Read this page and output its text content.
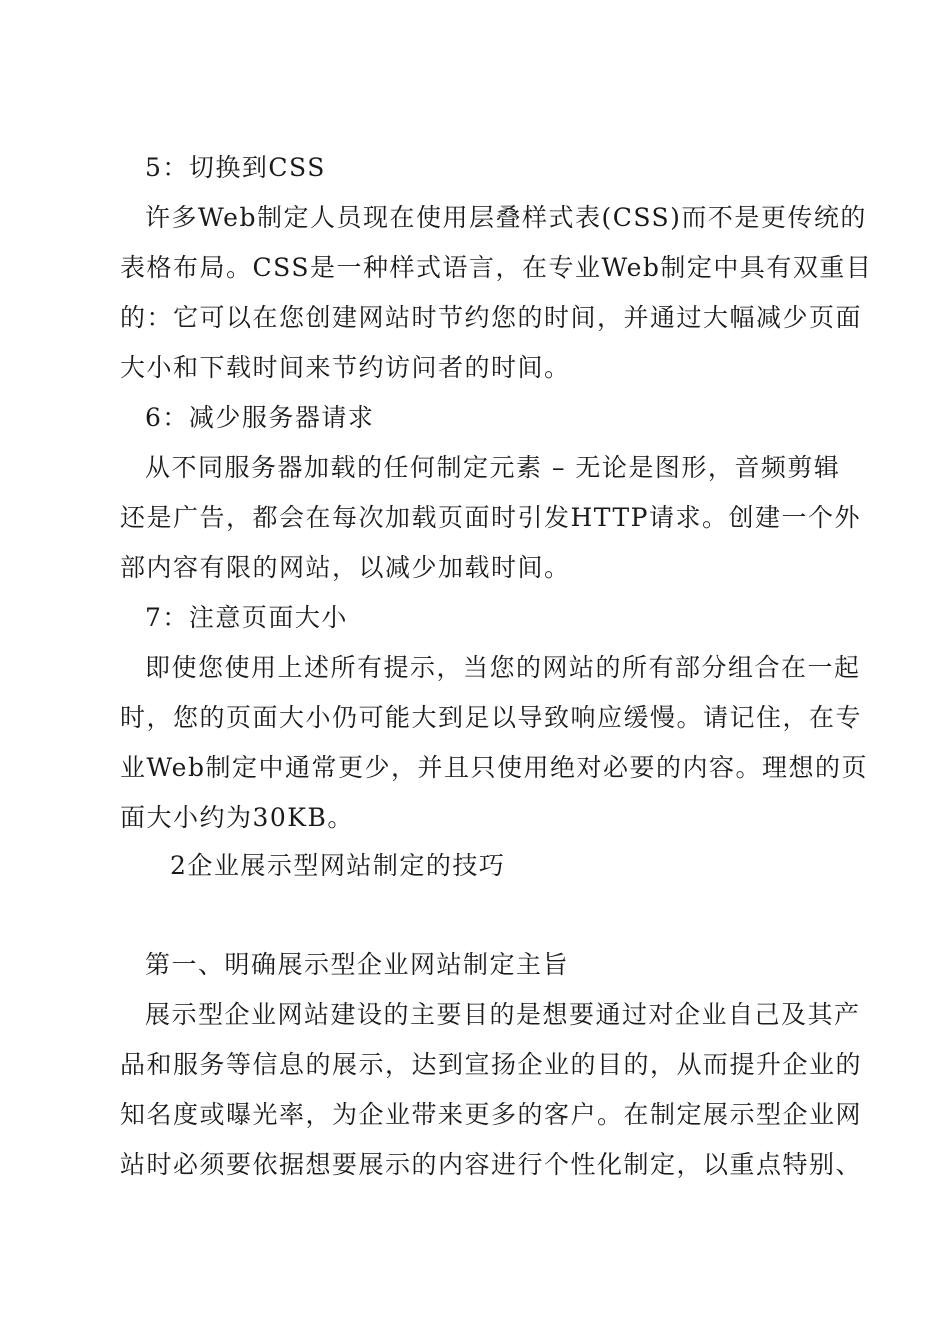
5：切换到CSS
许多Web制定人员现在使用层叠样式表(CSS)而不是更传统的
表格布局。CSS是一种样式语言，在专业Web制定中具有双重目
的：它可以在您创建网站时节约您的时间，并通过大幅减少页面
大小和下载时间来节约访问者的时间。
6：减少服务器请求
从不同服务器加载的任何制定元素 – 无论是图形，音频剪辑
还是广告，都会在每次加载页面时引发HTTP请求。创建一个外
部内容有限的网站，以减少加载时间。
7：注意页面大小
即使您使用上述所有提示，当您的网站的所有部分组合在一起
时，您的页面大小仍可能大到足以导致响应缓慢。请记住，在专
业Web制定中通常更少，并且只使用绝对必要的内容。理想的页
面大小约为30KB。
2企业展示型网站制定的技巧
第一、明确展示型企业网站制定主旨
展示型企业网站建设的主要目的是想要通过对企业自己及其产
品和服务等信息的展示，达到宣扬企业的目的，从而提升企业的
知名度或曝光率，为企业带来更多的客户。在制定展示型企业网
站时必须要依据想要展示的内容进行个性化制定，以重点特别、
